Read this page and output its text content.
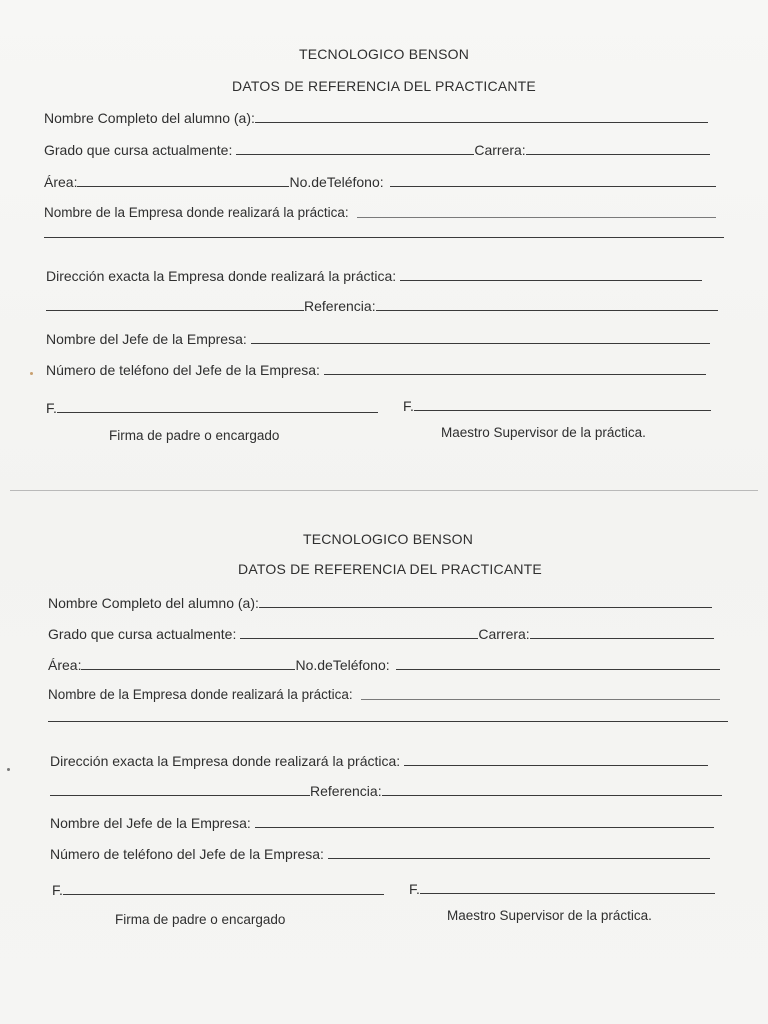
TECNOLOGICO BENSON
DATOS DE REFERENCIA DEL PRACTICANTE
Nombre Completo del alumno (a):
Grado que cursa actualmente:	Carrera:
Área:	No.deTeléfono:
Nombre de la Empresa donde realizará la práctica:
Dirección exacta la Empresa donde realizará la práctica:
Referencia:
Nombre del Jefe de la Empresa:
Número de teléfono del Jefe de la Empresa:
F.	F.
Firma de padre o encargado	Maestro Supervisor de la práctica.
TECNOLOGICO BENSON
DATOS DE REFERENCIA DEL PRACTICANTE
Nombre Completo del alumno (a):
Grado que cursa actualmente:	Carrera:
Área:	No.deTeléfono:
Nombre de la Empresa donde realizará la práctica:
Dirección exacta la Empresa donde realizará la práctica:
Referencia:
Nombre del Jefe de la Empresa:
Número de teléfono del Jefe de la Empresa:
F.	F.
Firma de padre o encargado	Maestro Supervisor de la práctica.
